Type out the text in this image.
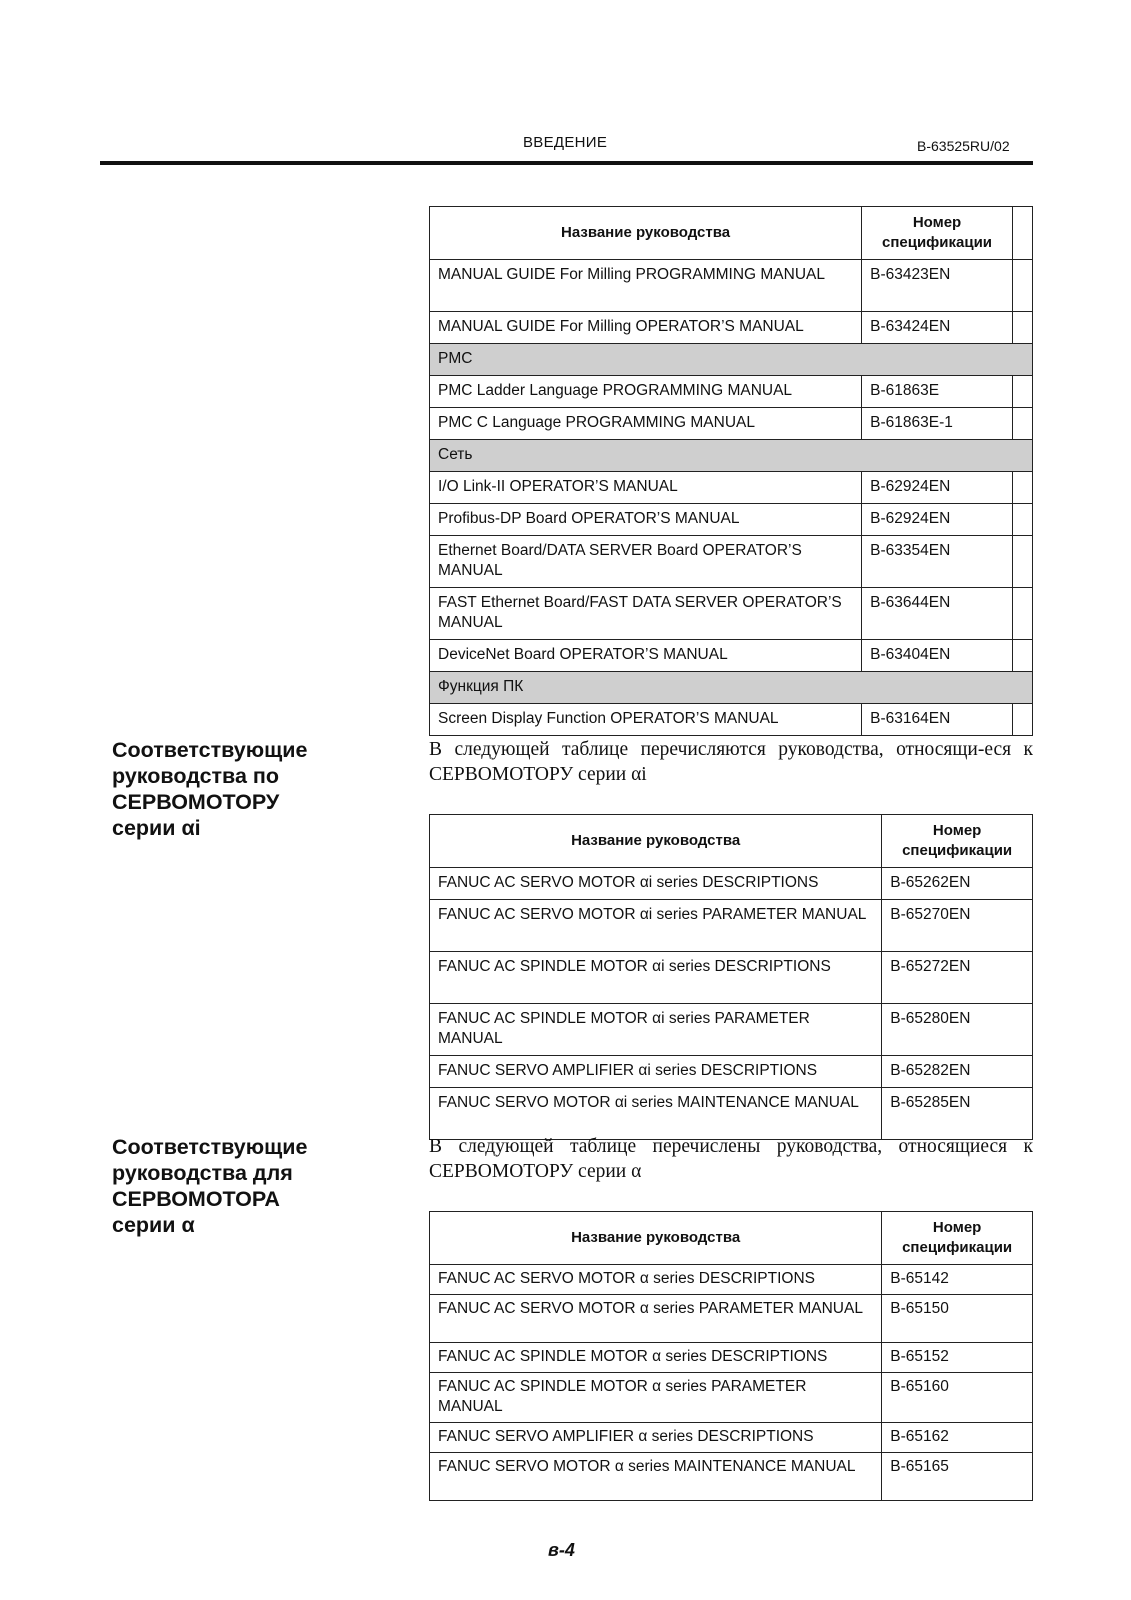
ВВЕДЕНИЕ	B-63525RU/02
Название руководства	Номер спецификации	
MANUAL GUIDE For Milling PROGRAMMING MANUAL	B-63423EN	
MANUAL GUIDE For Milling OPERATOR’S MANUAL	B-63424EN	
PMC		
PMC Ladder Language PROGRAMMING MANUAL	B-61863E	
PMC C Language PROGRAMMING MANUAL	B-61863E-1	
Сеть		
I/O Link-II OPERATOR’S MANUAL	B-62924EN	
Profibus-DP Board OPERATOR’S MANUAL	B-62924EN	
Ethernet Board/DATA SERVER Board OPERATOR’S MANUAL	B-63354EN	
FAST Ethernet Board/FAST DATA SERVER OPERATOR’S MANUAL	B-63644EN	
DeviceNet Board OPERATOR’S MANUAL	B-63404EN	
Функция ПК		
Screen Display Function OPERATOR’S MANUAL	B-63164EN	
Соответствующие
руководства по
СЕРВОМОТОРУ
серии αi
В следующей таблице перечисляются руководства, относящи-еся к СЕРВОМОТОРУ серии αi
Название руководства	Номер спецификации
FANUC AC SERVO MOTOR αi series DESCRIPTIONS	B-65262EN
FANUC AC SERVO MOTOR αi series PARAMETER MANUAL	B-65270EN
FANUC AC SPINDLE MOTOR αi series DESCRIPTIONS	B-65272EN
FANUC AC SPINDLE MOTOR αi series PARAMETER MANUAL	B-65280EN
FANUC SERVO AMPLIFIER αi series DESCRIPTIONS	B-65282EN
FANUC SERVO MOTOR αi series MAINTENANCE MANUAL	B-65285EN
Соответствующие
руководства для
СЕРВОМОТОРА
серии α
В следующей таблице перечислены руководства, относящиеся к СЕРВОМОТОРУ серии α
Название руководства	Номер спецификации
FANUC AC SERVO MOTOR α series DESCRIPTIONS	B-65142
FANUC AC SERVO MOTOR α series PARAMETER MANUAL	B-65150
FANUC AC SPINDLE MOTOR α series DESCRIPTIONS	B-65152
FANUC AC SPINDLE MOTOR α series PARAMETER MANUAL	B-65160
FANUC SERVO AMPLIFIER α series DESCRIPTIONS	B-65162
FANUC SERVO MOTOR α series MAINTENANCE MANUAL	B-65165
в-4
